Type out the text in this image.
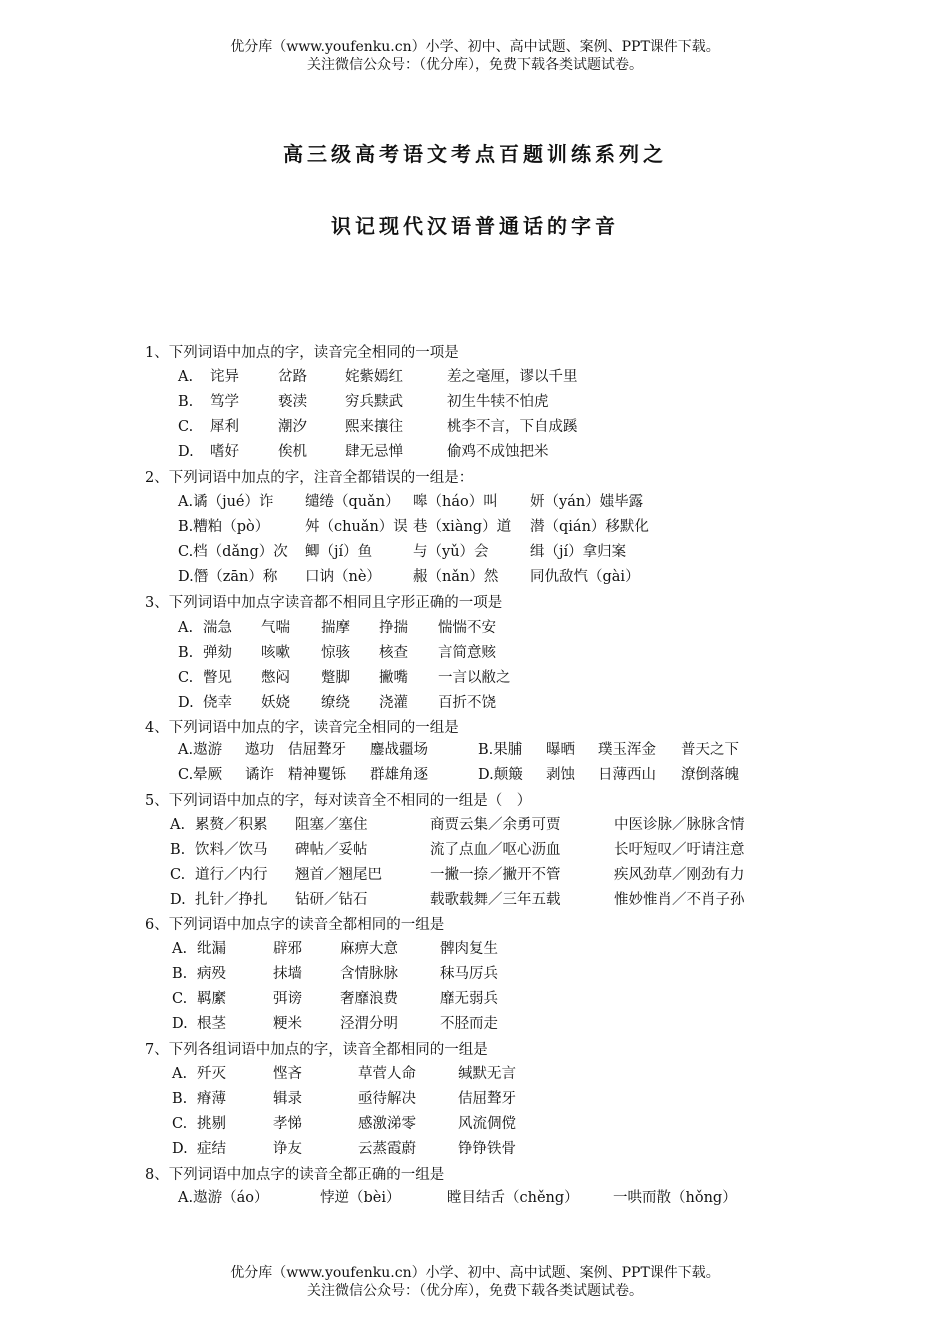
优分库（www.youfenku.cn）小学、初中、高中试题、案例、PPT课件下载。
关注微信公众号：（优分库），免费下载各类试题试卷。
高三级高考语文考点百题训练系列之
识记现代汉语普通话的字音
1、下列词语中加点的字，读音完全相同的一项是
A. 诧异	岔路	姹紫嫣红	差之毫厘，谬以千里
B. 笃学	亵渎	穷兵黩武	初生牛犊不怕虎
C. 犀利	潮汐	熙来攘往	桃李不言，下自成蹊
D. 嗜好	俟机	肆无忌惮	偷鸡不成蚀把米
2、下列词语中加点的字，注音全都错误的一组是：
A.谲（jué）诈 缱绻（quǎn） 嗥（háo）叫 妍（yán）媸毕露
B.糟粕（pò） 舛（chuǎn）误 巷（xiàng）道 潜（qián）移默化
C.档（dǎng）次 鲫（jí）鱼	与（yǔ）会	缉（jí）拿归案
D.僭（zān）称 口讷（nè） 赧（nǎn）然 同仇敌忾（gài）
3、下列词语中加点字读音都不相同且字形正确的一项是
A. 湍急 气喘 揣摩 挣揣 惴惴不安
B. 弹劾 咳嗽 惊骇 核查 言简意赅
C. 瞥见 憋闷 蹩脚 撇嘴 一言以敝之
D. 侥幸 妖娆 缭绕 浇灌 百折不饶
4、下列词语中加点的字，读音完全相同的一组是
A.遨游 遨功 佶屈聱牙 鏖战疆场	B.果脯 曝晒 璞玉浑金 普天之下
C.晕厥 谲诈 精神矍铄 群雄角逐	D.颠簸 剥蚀 日薄西山 潦倒落魄
5、下列词语中加点的字，每对读音全不相同的一组是（　）
A. 累赘／积累 阻塞／塞住	商贾云集／余勇可贾	中医诊脉／脉脉含情
B. 饮料／饮马 碑帖／妥帖	流了点血／呕心沥血	长吁短叹／吁请注意
C. 道行／内行 翘首／翘尾巴	一撇一捺／撇开不管	疾风劲草／刚劲有力
D. 扎针／挣扎 钻研／钻石	载歌载舞／三年五载	惟妙惟肖／不肖子孙
6、下列词语中加点字的读音全都相同的一组是
A. 纰漏	辟邪	麻痹大意	髀肉复生
B. 病殁	抹墙	含情脉脉	秣马厉兵
C. 羁縻	弭谤	奢靡浪费	靡无弱兵
D. 根茎	粳米	泾渭分明	不胫而走
7、下列各组词语中加点的字，读音全都相同的一组是
A. 歼灭	悭吝	草菅人命	缄默无言
B. 瘠薄	辑录	亟待解决	佶屈聱牙
C. 挑剔	孝悌	感激涕零	风流倜傥
D. 症结	诤友	云蒸霞蔚	铮铮铁骨
8、下列词语中加点字的读音全都正确的一组是
A.遨游（áo）	悖逆（bèi）	瞠目结舌（chěng） 一哄而散（hǒng）
优分库（www.youfenku.cn）小学、初中、高中试题、案例、PPT课件下载。
关注微信公众号：（优分库），免费下载各类试题试卷。
